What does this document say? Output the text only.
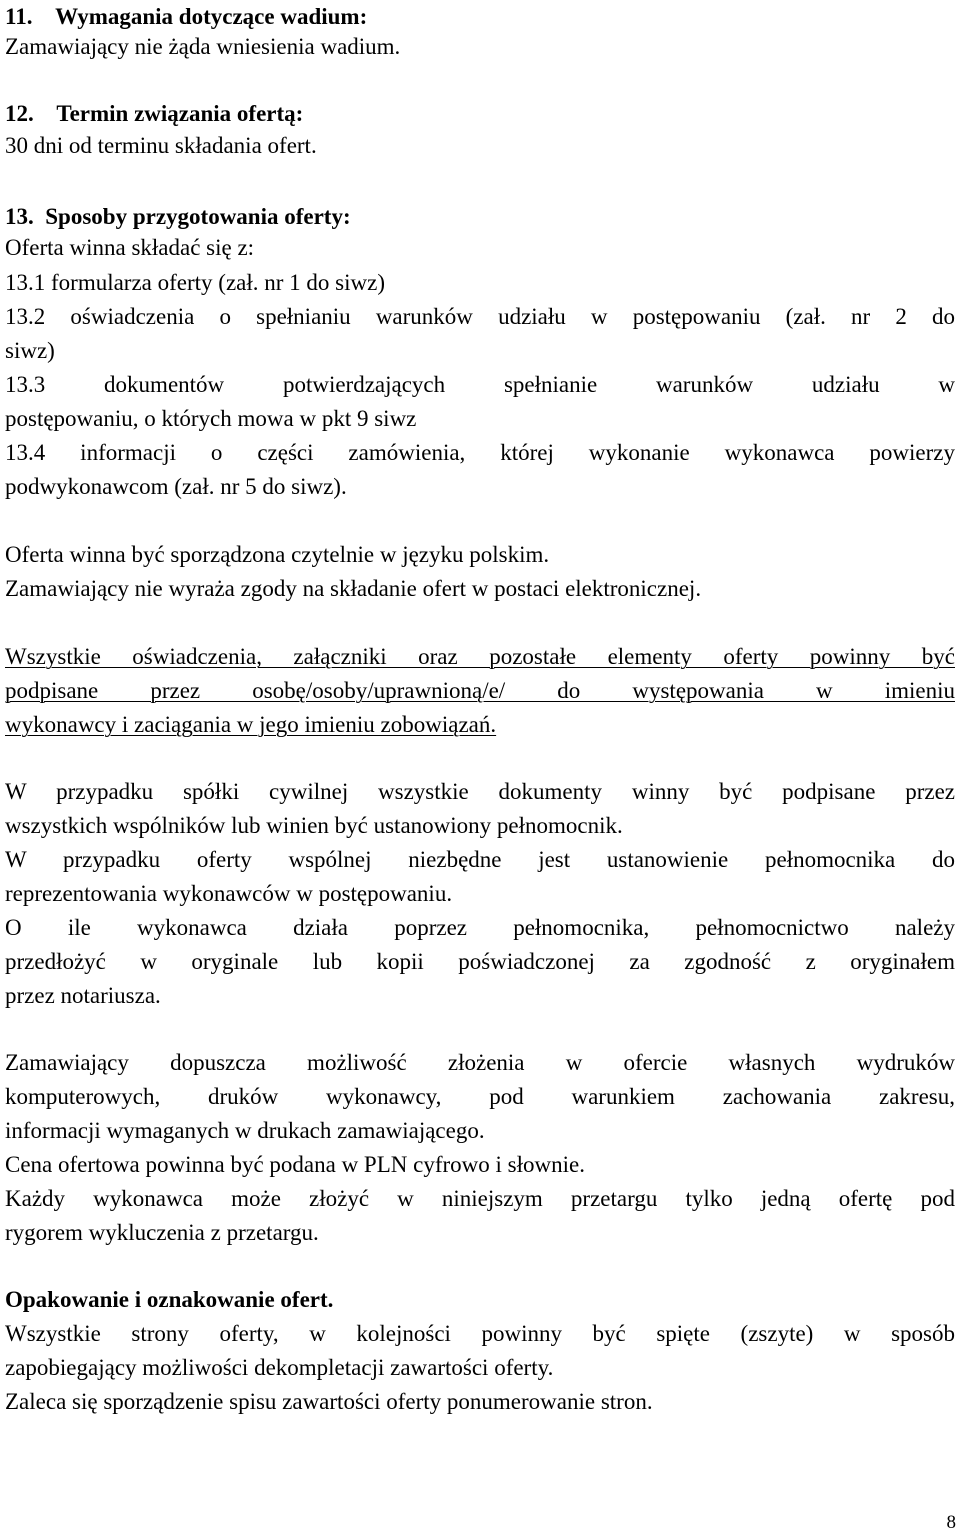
11.    Wymagania dotyczące wadium:
Zamawiający nie żąda wniesienia wadium.
12.    Termin związania ofertą:
30 dni od terminu składania ofert.
13.  Sposoby przygotowania oferty:
Oferta winna składać się z:
13.1 formularza oferty (zał. nr 1 do siwz)
13.2 oświadczenia o spełnianiu warunków udziału w postępowaniu (zał. nr 2 do
siwz)
13.3 dokumentów potwierdzających spełnianie warunków udziału w
postępowaniu, o których mowa w pkt 9 siwz
13.4 informacji o części zamówienia, której wykonanie wykonawca powierzy
podwykonawcom (zał. nr 5 do siwz).
Oferta winna być sporządzona czytelnie w języku polskim.
Zamawiający nie wyraża zgody na składanie ofert w postaci elektronicznej.
Wszystkie oświadczenia, załączniki oraz pozostałe elementy oferty powinny być
podpisane przez osobę/osoby/uprawnioną/e/ do występowania w imieniu
wykonawcy i zaciągania w jego imieniu zobowiązań.
W przypadku spółki cywilnej wszystkie dokumenty winny być podpisane przez
wszystkich wspólników lub winien być ustanowiony pełnomocnik.
W przypadku oferty wspólnej niezbędne jest ustanowienie pełnomocnika do
reprezentowania wykonawców w postępowaniu.
O ile wykonawca działa poprzez pełnomocnika, pełnomocnictwo należy
przedłożyć w oryginale lub kopii poświadczonej za zgodność z oryginałem
przez notariusza.
Zamawiający dopuszcza możliwość złożenia w ofercie własnych wydruków
komputerowych, druków wykonawcy, pod warunkiem zachowania zakresu,
informacji wymaganych w drukach zamawiającego.
Cena ofertowa powinna być podana w PLN cyfrowo i słownie.
Każdy wykonawca może złożyć w niniejszym przetargu tylko jedną ofertę pod
rygorem wykluczenia z przetargu.
Opakowanie i oznakowanie ofert.
Wszystkie strony oferty, w kolejności powinny być spięte (zszyte) w sposób
zapobiegający możliwości dekompletacji zawartości oferty.
Zaleca się sporządzenie spisu zawartości oferty ponumerowanie stron.
8
